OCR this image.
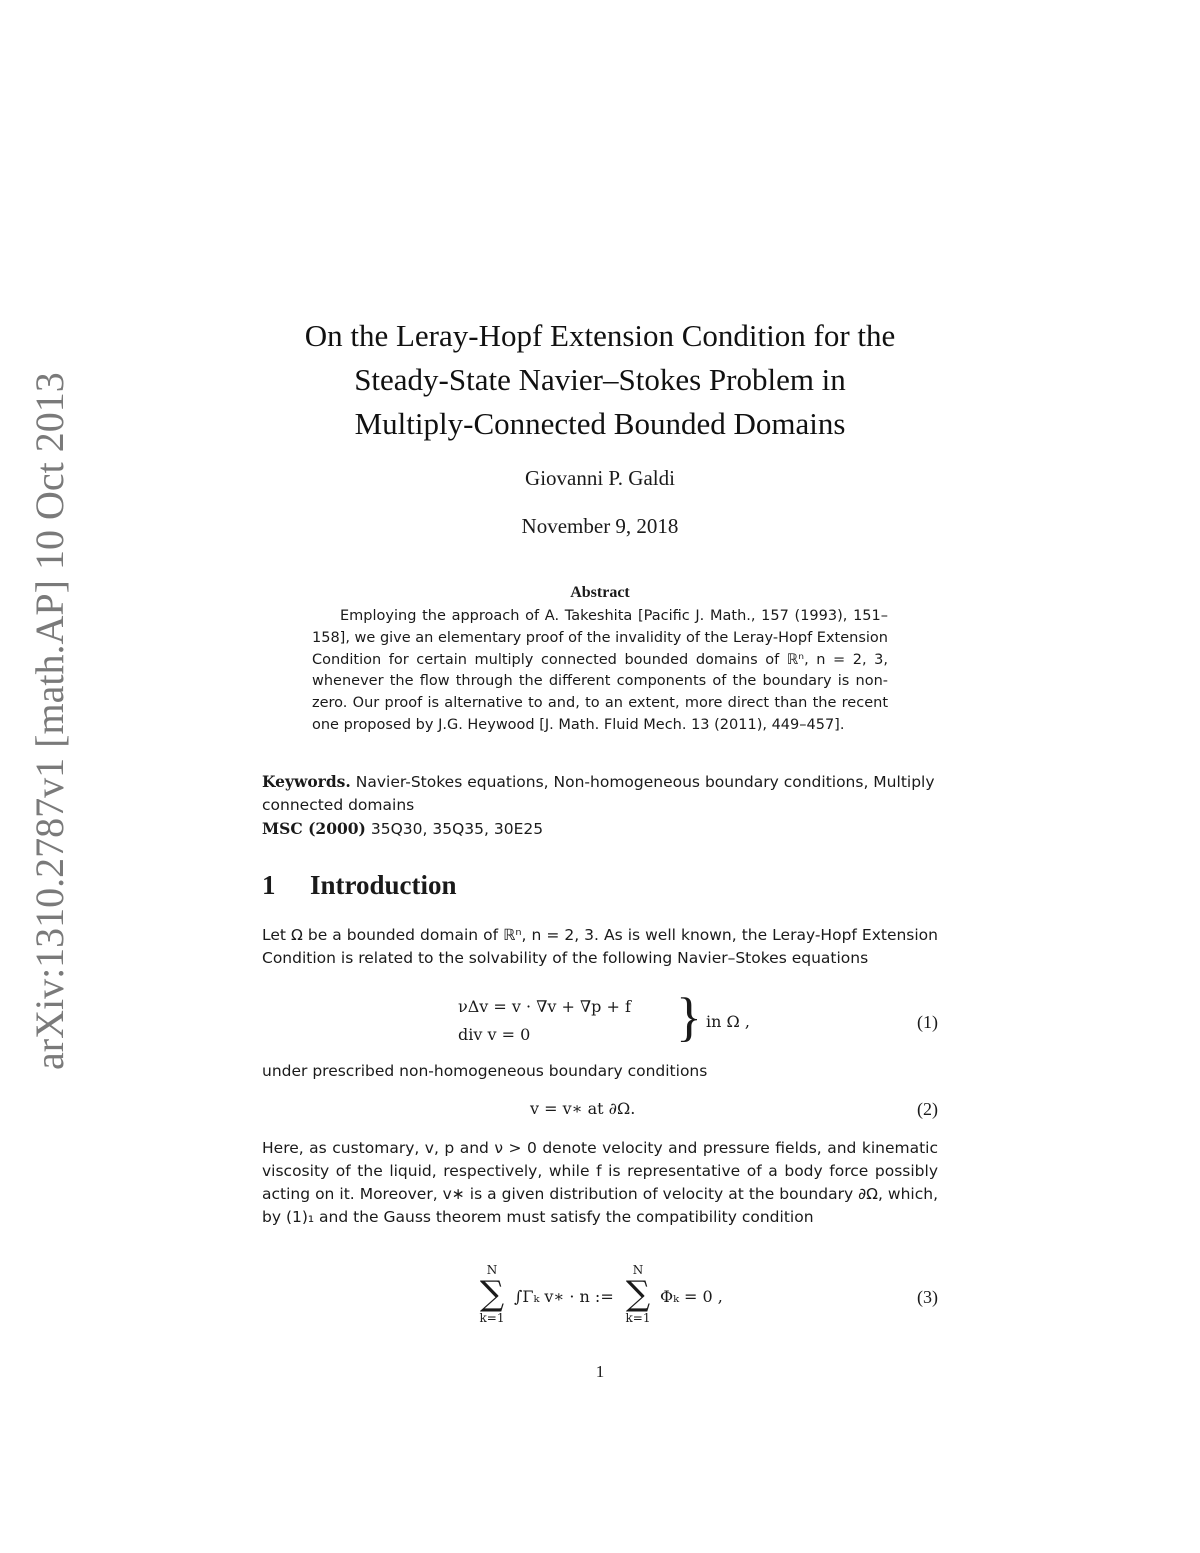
arXiv:1310.2787v1 [math.AP] 10 Oct 2013
On the Leray-Hopf Extension Condition for the
Steady-State Navier–Stokes Problem in
Multiply-Connected Bounded Domains
Giovanni P. Galdi
November 9, 2018
Abstract
Employing the approach of A. Takeshita [Pacific J. Math., 157 (1993), 151–158], we give an elementary proof of the invalidity of the Leray-Hopf Extension Condition for certain multiply connected bounded domains of ℝⁿ, n = 2, 3, whenever the flow through the different components of the boundary is non-zero. Our proof is alternative to and, to an extent, more direct than the recent one proposed by J.G. Heywood [J. Math. Fluid Mech. 13 (2011), 449–457].
Keywords. Navier-Stokes equations, Non-homogeneous boundary conditions, Multiply connected domains
MSC (2000) 35Q30, 35Q35, 30E25
1 Introduction
Let Ω be a bounded domain of ℝⁿ, n = 2, 3. As is well known, the Leray-Hopf Extension Condition is related to the solvability of the following Navier–Stokes equations
νΔv = v · ∇v + ∇p + f
div v = 0	} in Ω ,	(1)
under prescribed non-homogeneous boundary conditions
v = v∗ at ∂Ω.	(2)
Here, as customary, v, p and ν > 0 denote velocity and pressure fields, and kinematic viscosity of the liquid, respectively, while f is representative of a body force possibly acting on it. Moreover, v∗ is a given distribution of velocity at the boundary ∂Ω, which, by (1)₁ and the Gauss theorem must satisfy the compatibility condition
N
∑
k=1
∫Γₖ v∗ · n :=
N
∑
k=1
Φₖ = 0 ,	(3)
1
